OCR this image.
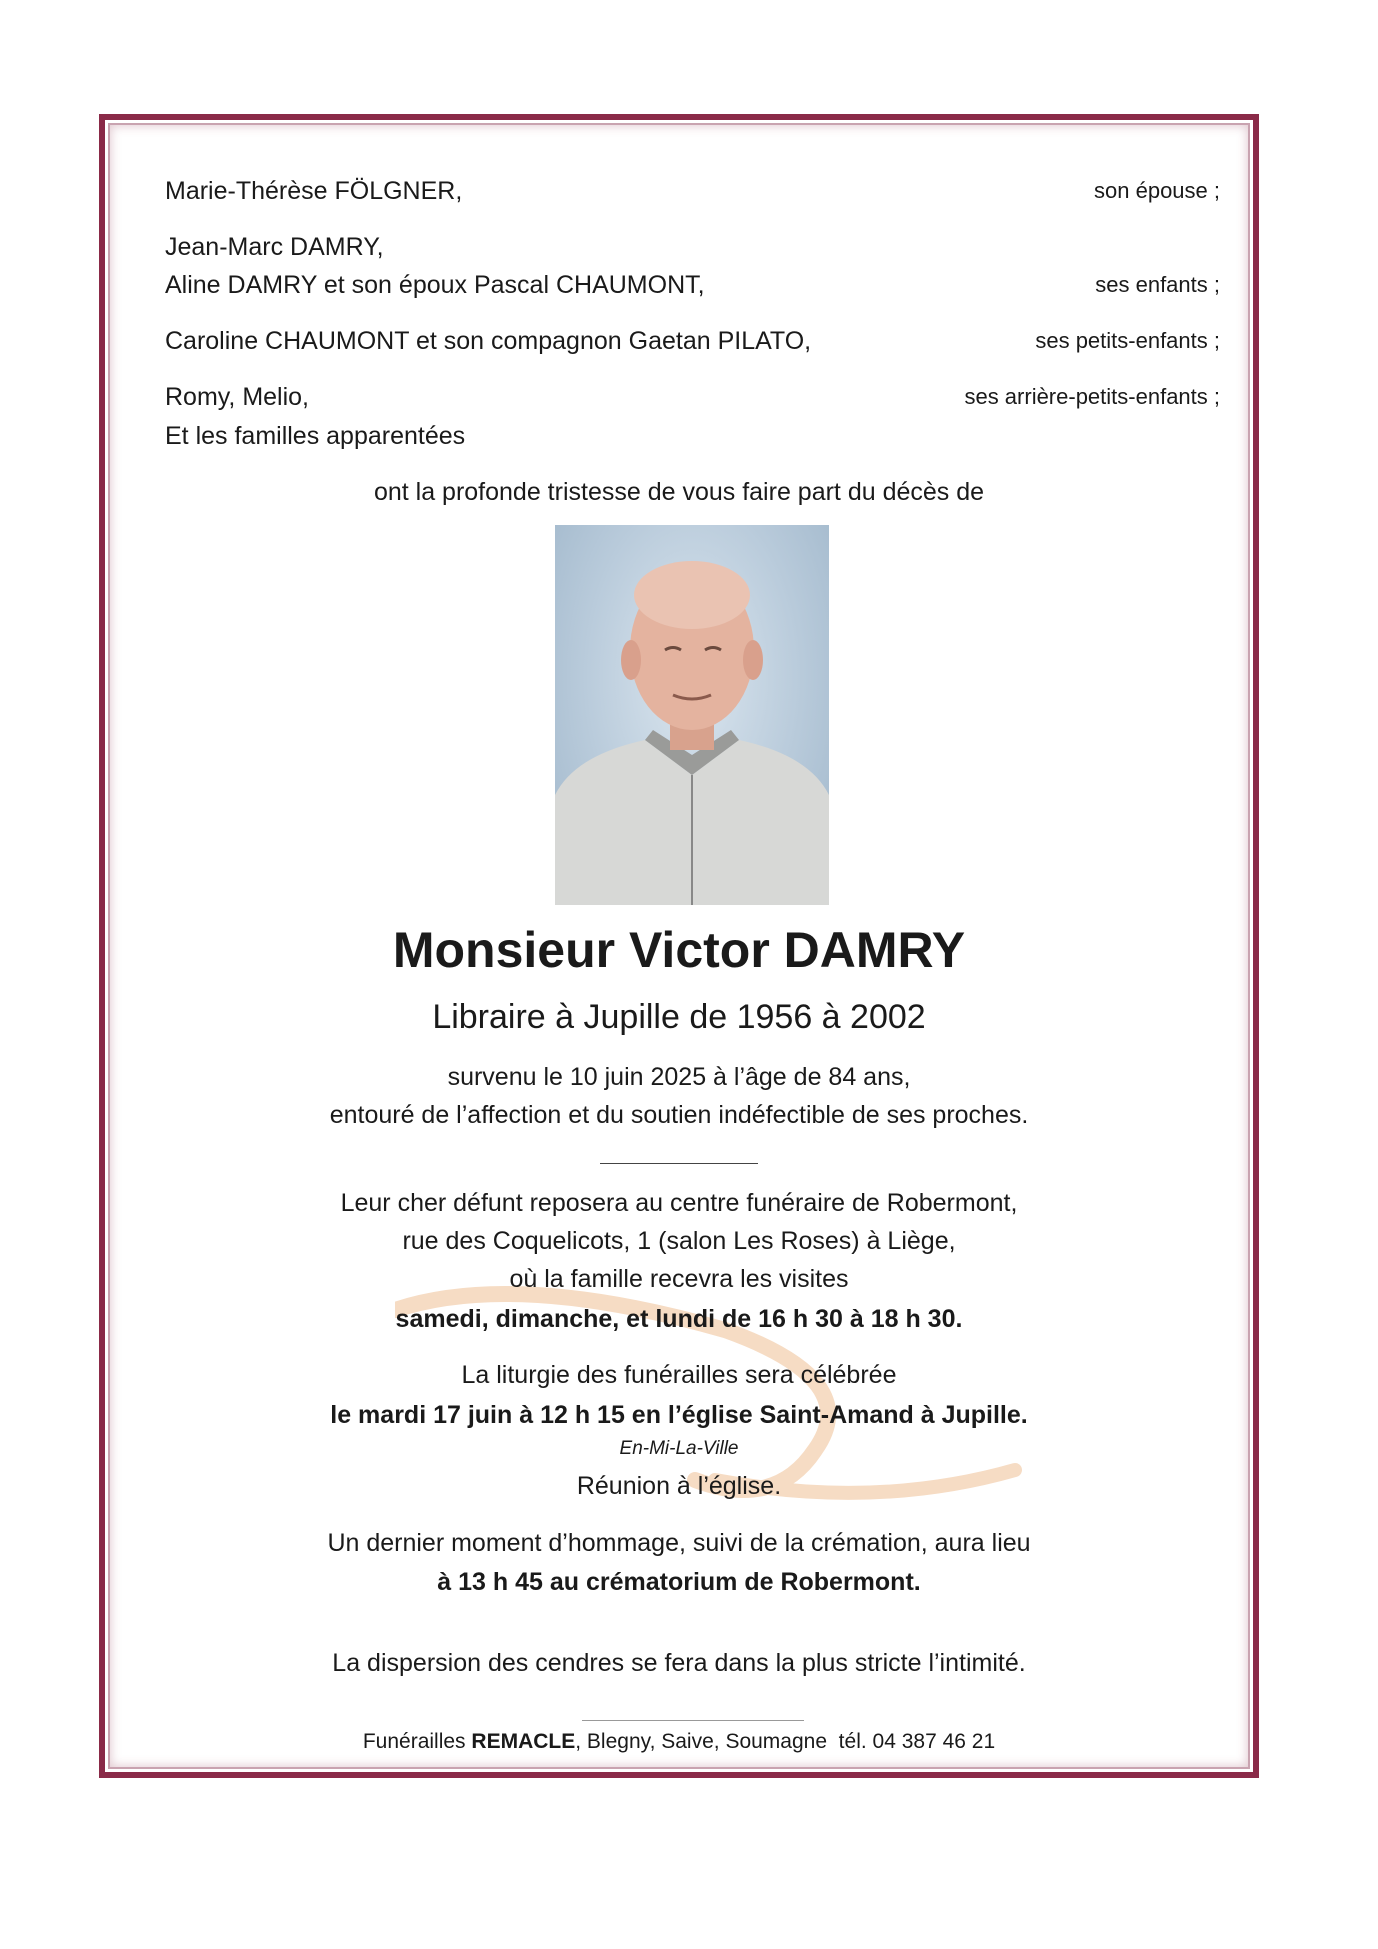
Marie-Thérèse FÖLGNER,	son épouse ;
Jean-Marc DAMRY,
Aline DAMRY et son époux Pascal CHAUMONT,	ses enfants ;
Caroline CHAUMONT et son compagnon Gaetan PILATO,	ses petits-enfants ;
Romy, Melio,	ses arrière-petits-enfants ;
Et les familles apparentées
ont la profonde tristesse de vous faire part du décès de
Monsieur Victor DAMRY
Libraire à Jupille de 1956 à 2002
survenu le 10 juin 2025 à l’âge de 84 ans,
entouré de l’affection et du soutien indéfectible de ses proches.
Leur cher défunt reposera au centre funéraire de Robermont,
rue des Coquelicots, 1 (salon Les Roses) à Liège,
où la famille recevra les visites
samedi, dimanche, et lundi de 16 h 30 à 18 h 30.
La liturgie des funérailles sera célébrée
le mardi 17 juin à 12 h 15 en l’église Saint-Amand à Jupille.
En-Mi-La-Ville
Réunion à l’église.
Un dernier moment d’hommage, suivi de la crémation, aura lieu
à 13 h 45 au crématorium de Robermont.
La dispersion des cendres se fera dans la plus stricte l’intimité.
Funérailles REMACLE, Blegny, Saive, Soumagne  tél. 04 387 46 21
